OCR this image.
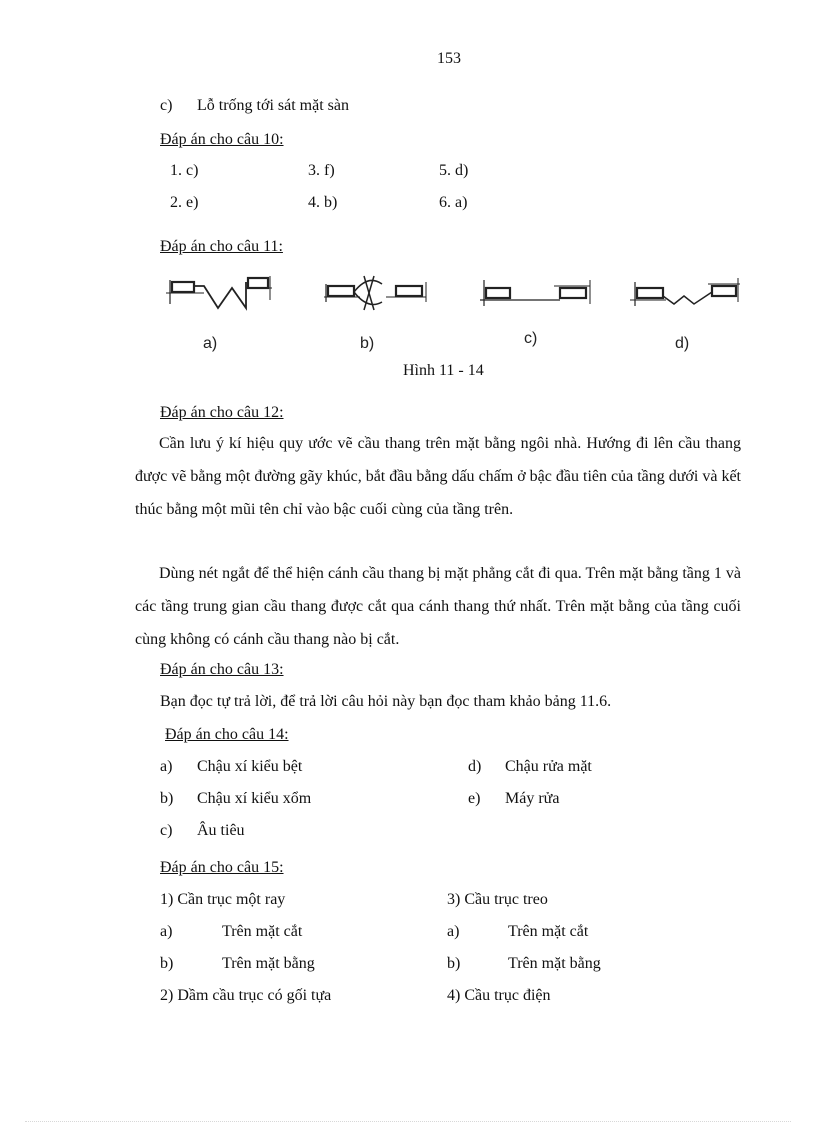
153
c) Lỗ trống tới sát mặt sàn
Đáp án cho câu 10:
1. c)	3. f)	5. d)
2. e)	4. b)	6. a)
Đáp án cho câu 11:
a)	b)	c)	d)
Hình 11 - 14
Đáp án cho câu 12:
Cần lưu ý kí hiệu quy ước vẽ cầu thang trên mặt bằng ngôi nhà. Hướng đi lên cầu thang được vẽ bằng một đường gãy khúc, bắt đầu bằng dấu chấm ở bậc đầu tiên của tầng dưới và kết thúc bằng một mũi tên chỉ vào bậc cuối cùng của tầng trên.
Dùng nét ngắt để thể hiện cánh cầu thang bị mặt phẳng cắt đi qua. Trên mặt bằng tầng 1 và các tầng trung gian cầu thang được cắt qua cánh thang thứ nhất. Trên mặt bằng của tầng cuối cùng không có cánh cầu thang nào bị cắt.
Đáp án cho câu 13:
Bạn đọc tự trả lời, để trả lời câu hỏi này bạn đọc tham khảo bảng 11.6.
Đáp án cho câu 14:
a) Chậu xí kiểu bệt
b) Chậu xí kiểu xổm
c) Âu tiêu
d) Chậu rửa mặt
e) Máy rửa
Đáp án cho câu 15:
1) Cần trục một ray
a)	Trên mặt cắt
b)	Trên mặt bằng
2) Dầm cầu trục có gối tựa
3) Cầu trục treo
a)	Trên mặt cắt
b)	Trên mặt bằng
4) Cầu trục điện
